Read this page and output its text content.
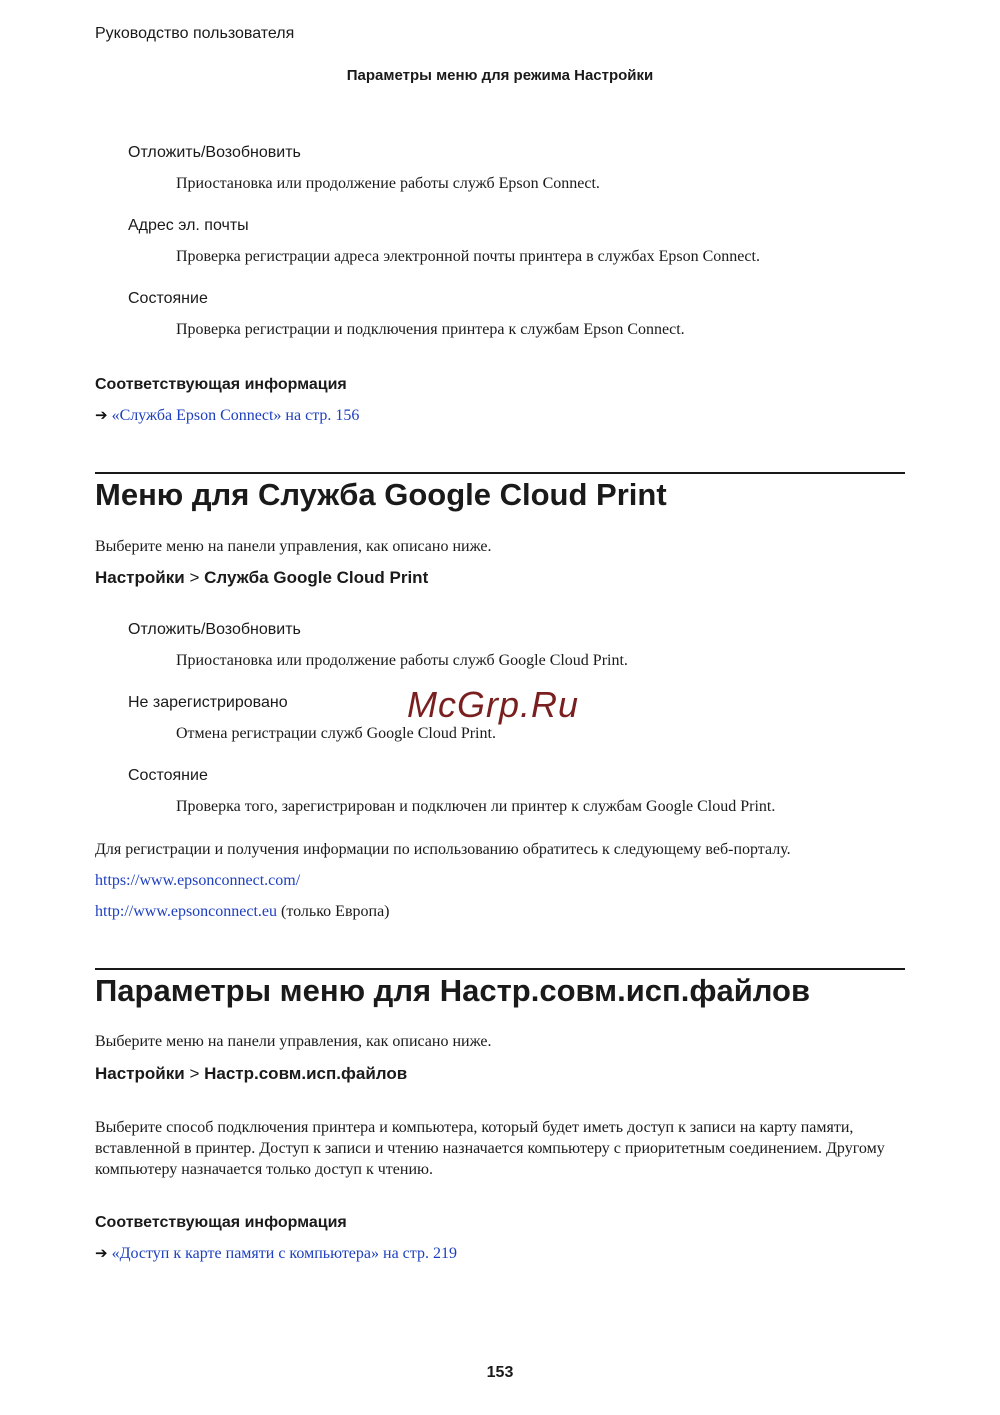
Руководство пользователя
Параметры меню для режима Настройки
Отложить/Возобновить
Приостановка или продолжение работы служб Epson Connect.
Адрес эл. почты
Проверка регистрации адреса электронной почты принтера в службах Epson Connect.
Состояние
Проверка регистрации и подключения принтера к службам Epson Connect.
Соответствующая информация
➔ «Служба Epson Connect» на стр. 156
Меню для Служба Google Cloud Print
Выберите меню на панели управления, как описано ниже.
Настройки > Служба Google Cloud Print
Отложить/Возобновить
Приостановка или продолжение работы служб Google Cloud Print.
Не зарегистрировано
Отмена регистрации служб Google Cloud Print.
Состояние
Проверка того, зарегистрирован и подключен ли принтер к службам Google Cloud Print.
Для регистрации и получения информации по использованию обратитесь к следующему веб-порталу.
https://www.epsonconnect.com/
http://www.epsonconnect.eu (только Европа)
Параметры меню для Настр.совм.исп.файлов
Выберите меню на панели управления, как описано ниже.
Настройки > Настр.совм.исп.файлов
Выберите способ подключения принтера и компьютера, который будет иметь доступ к записи на карту памяти, вставленной в принтер. Доступ к записи и чтению назначается компьютеру с приоритетным соединением. Другому компьютеру назначается только доступ к чтению.
Соответствующая информация
➔ «Доступ к карте памяти с компьютера» на стр. 219
McGrp.Ru
153
